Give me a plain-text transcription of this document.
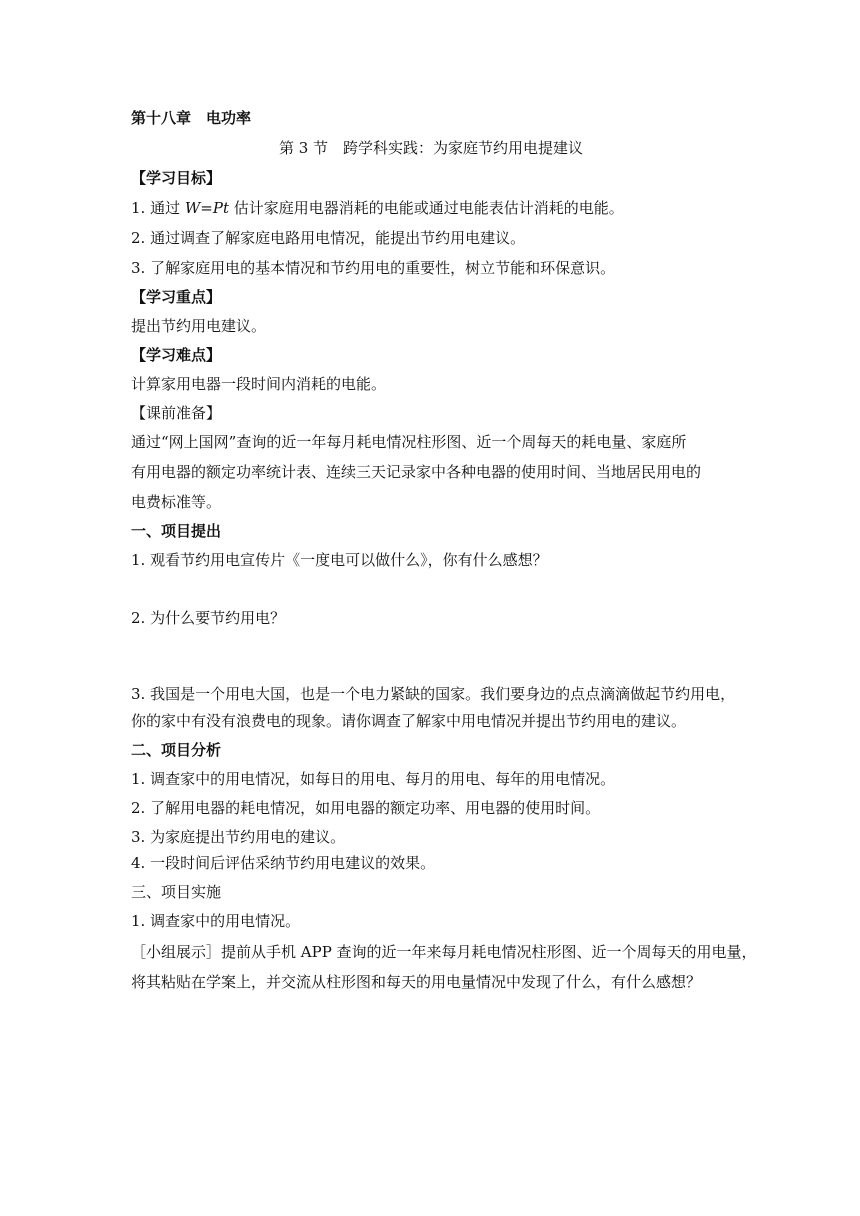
第十八章　电功率
第 3 节　跨学科实践：为家庭节约用电提建议
【学习目标】
1. 通过 W=Pt 估计家庭用电器消耗的电能或通过电能表估计消耗的电能。
2. 通过调查了解家庭电路用电情况，能提出节约用电建议。
3. 了解家庭用电的基本情况和节约用电的重要性，树立节能和环保意识。
【学习重点】
提出节约用电建议。
【学习难点】
计算家用电器一段时间内消耗的电能。
【课前准备】
通过“网上国网”查询的近一年每月耗电情况柱形图、近一个周每天的耗电量、家庭所
有用电器的额定功率统计表、连续三天记录家中各种电器的使用时间、当地居民用电的
电费标准等。
一、项目提出
1. 观看节约用电宣传片《一度电可以做什么》，你有什么感想？
2. 为什么要节约用电？
3. 我国是一个用电大国，也是一个电力紧缺的国家。我们要身边的点点滴滴做起节约用电，
你的家中有没有浪费电的现象。请你调查了解家中用电情况并提出节约用电的建议。
二、项目分析
1. 调查家中的用电情况，如每日的用电、每月的用电、每年的用电情况。
2. 了解用电器的耗电情况，如用电器的额定功率、用电器的使用时间。
3. 为家庭提出节约用电的建议。
4. 一段时间后评估采纳节约用电建议的效果。
三、项目实施
1. 调查家中的用电情况。
［小组展示］提前从手机 APP 查询的近一年来每月耗电情况柱形图、近一个周每天的用电量，
将其粘贴在学案上，并交流从柱形图和每天的用电量情况中发现了什么，有什么感想？
